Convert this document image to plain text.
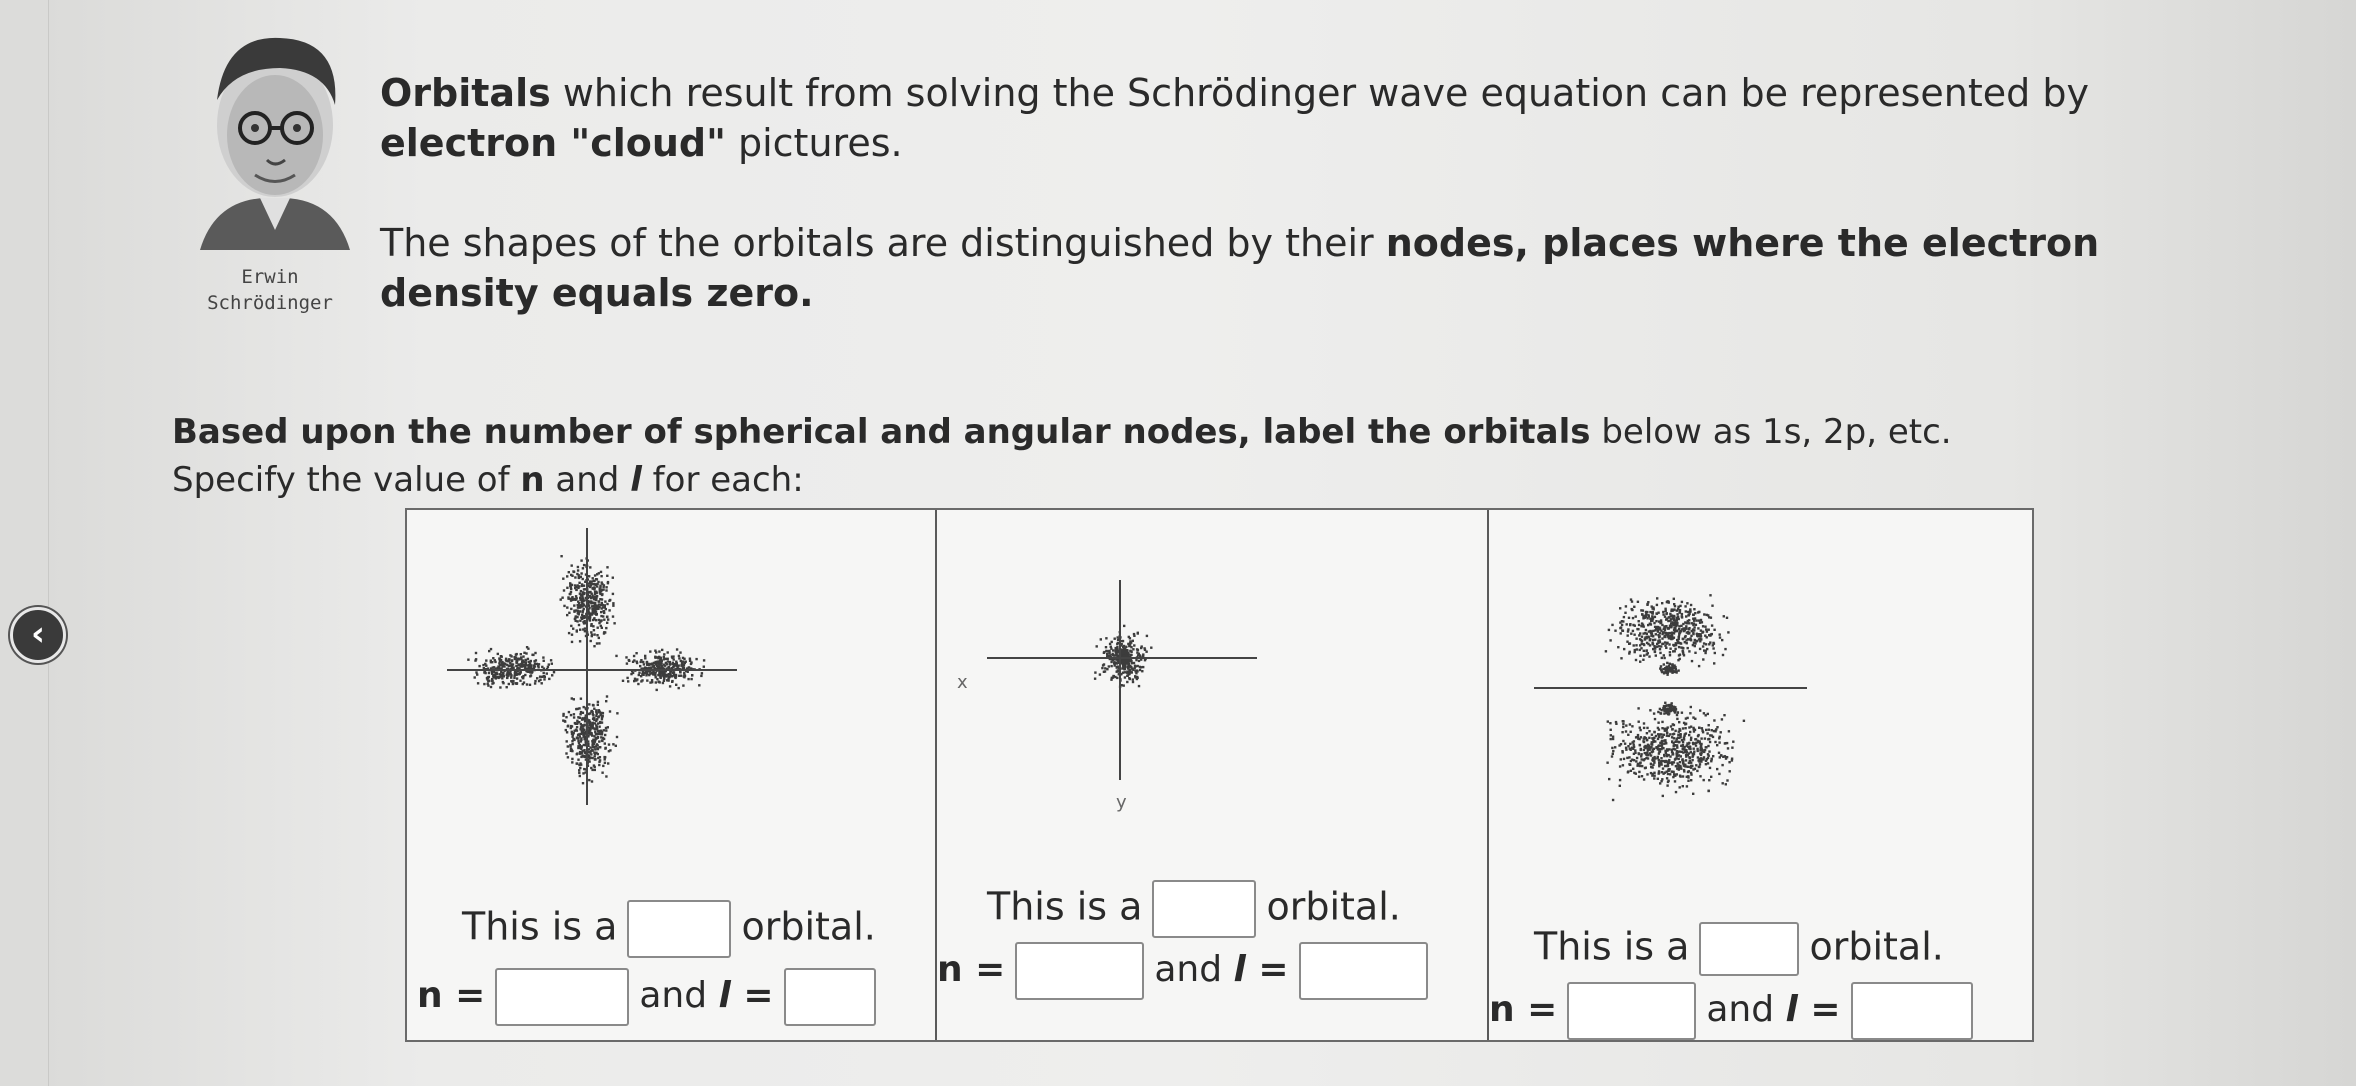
‹
Erwin
Schrödinger
Orbitals which result from solving the Schrödinger wave equation can be represented by electron "cloud" pictures.
The shapes of the orbitals are distinguished by their nodes, places where the electron density equals zero.
Based upon the number of spherical and angular nodes, label the orbitals below as 1s, 2p, etc.
Specify the value of n and l for each:
This is a	orbital.
n =	and l =
x
y
This is a	orbital.
n =	and l =
This is a	orbital.
n =	and l =
